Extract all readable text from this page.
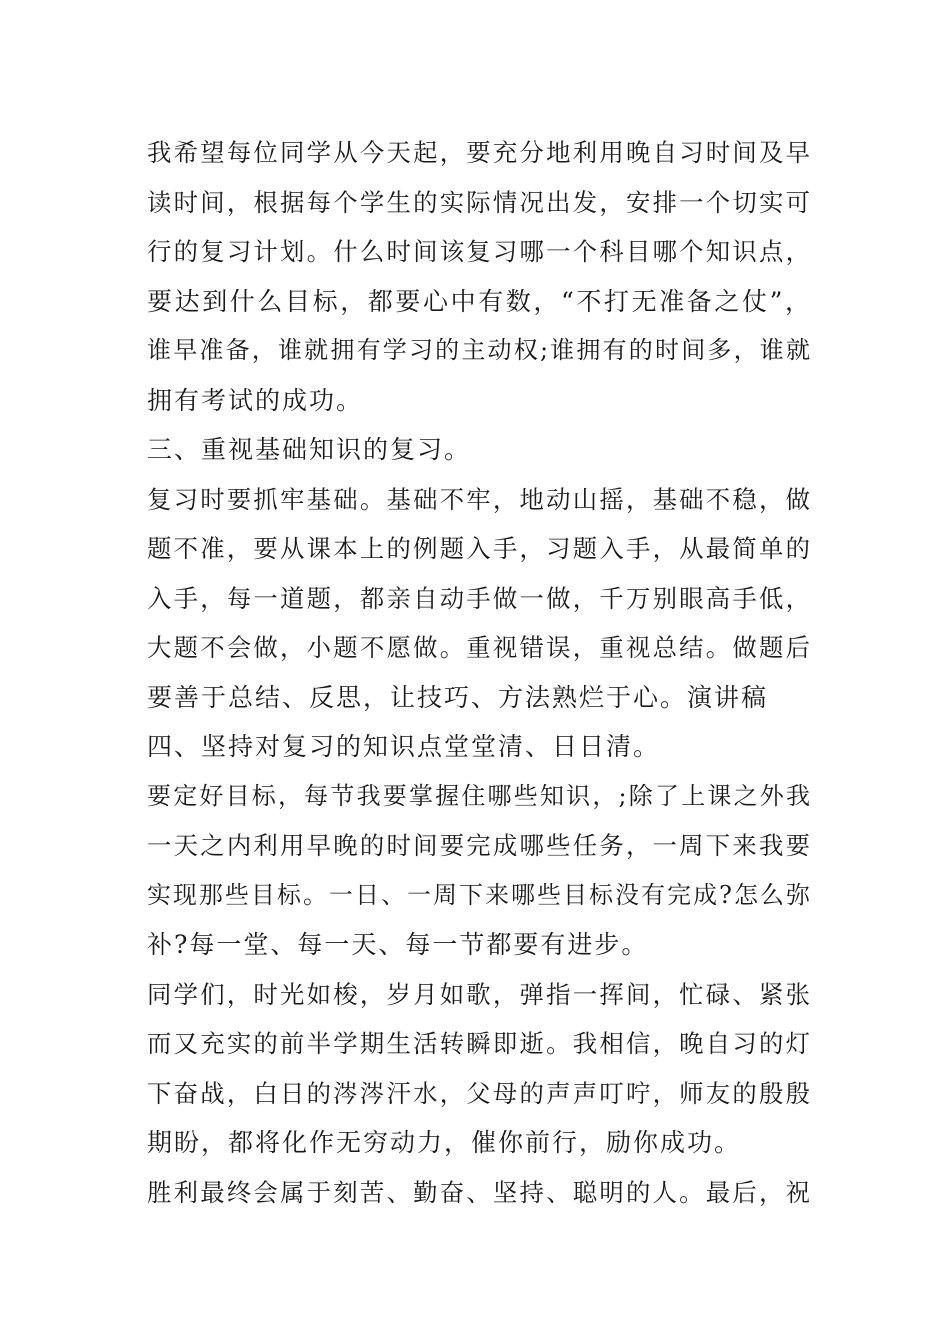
我希望每位同学从今天起，要充分地利用晚自习时间及早
读时间，根据每个学生的实际情况出发，安排一个切实可
行的复习计划。什么时间该复习哪一个科目哪个知识点，
要达到什么目标，都要心中有数，“不打无准备之仗”，
谁早准备，谁就拥有学习的主动权;谁拥有的时间多，谁就
拥有考试的成功。
三、重视基础知识的复习。
复习时要抓牢基础。基础不牢，地动山摇，基础不稳，做
题不准，要从课本上的例题入手，习题入手，从最简单的
入手，每一道题，都亲自动手做一做，千万别眼高手低，
大题不会做，小题不愿做。重视错误，重视总结。做题后
要善于总结、反思，让技巧、方法熟烂于心。演讲稿
四、坚持对复习的知识点堂堂清、日日清。
要定好目标，每节我要掌握住哪些知识，;除了上课之外我
一天之内利用早晚的时间要完成哪些任务，一周下来我要
实现那些目标。一日、一周下来哪些目标没有完成?怎么弥
补?每一堂、每一天、每一节都要有进步。
同学们，时光如梭，岁月如歌，弹指一挥间，忙碌、紧张
而又充实的前半学期生活转瞬即逝。我相信，晚自习的灯
下奋战，白日的涔涔汗水，父母的声声叮咛，师友的殷殷
期盼，都将化作无穷动力，催你前行，励你成功。
胜利最终会属于刻苦、勤奋、坚持、聪明的人。最后，祝
